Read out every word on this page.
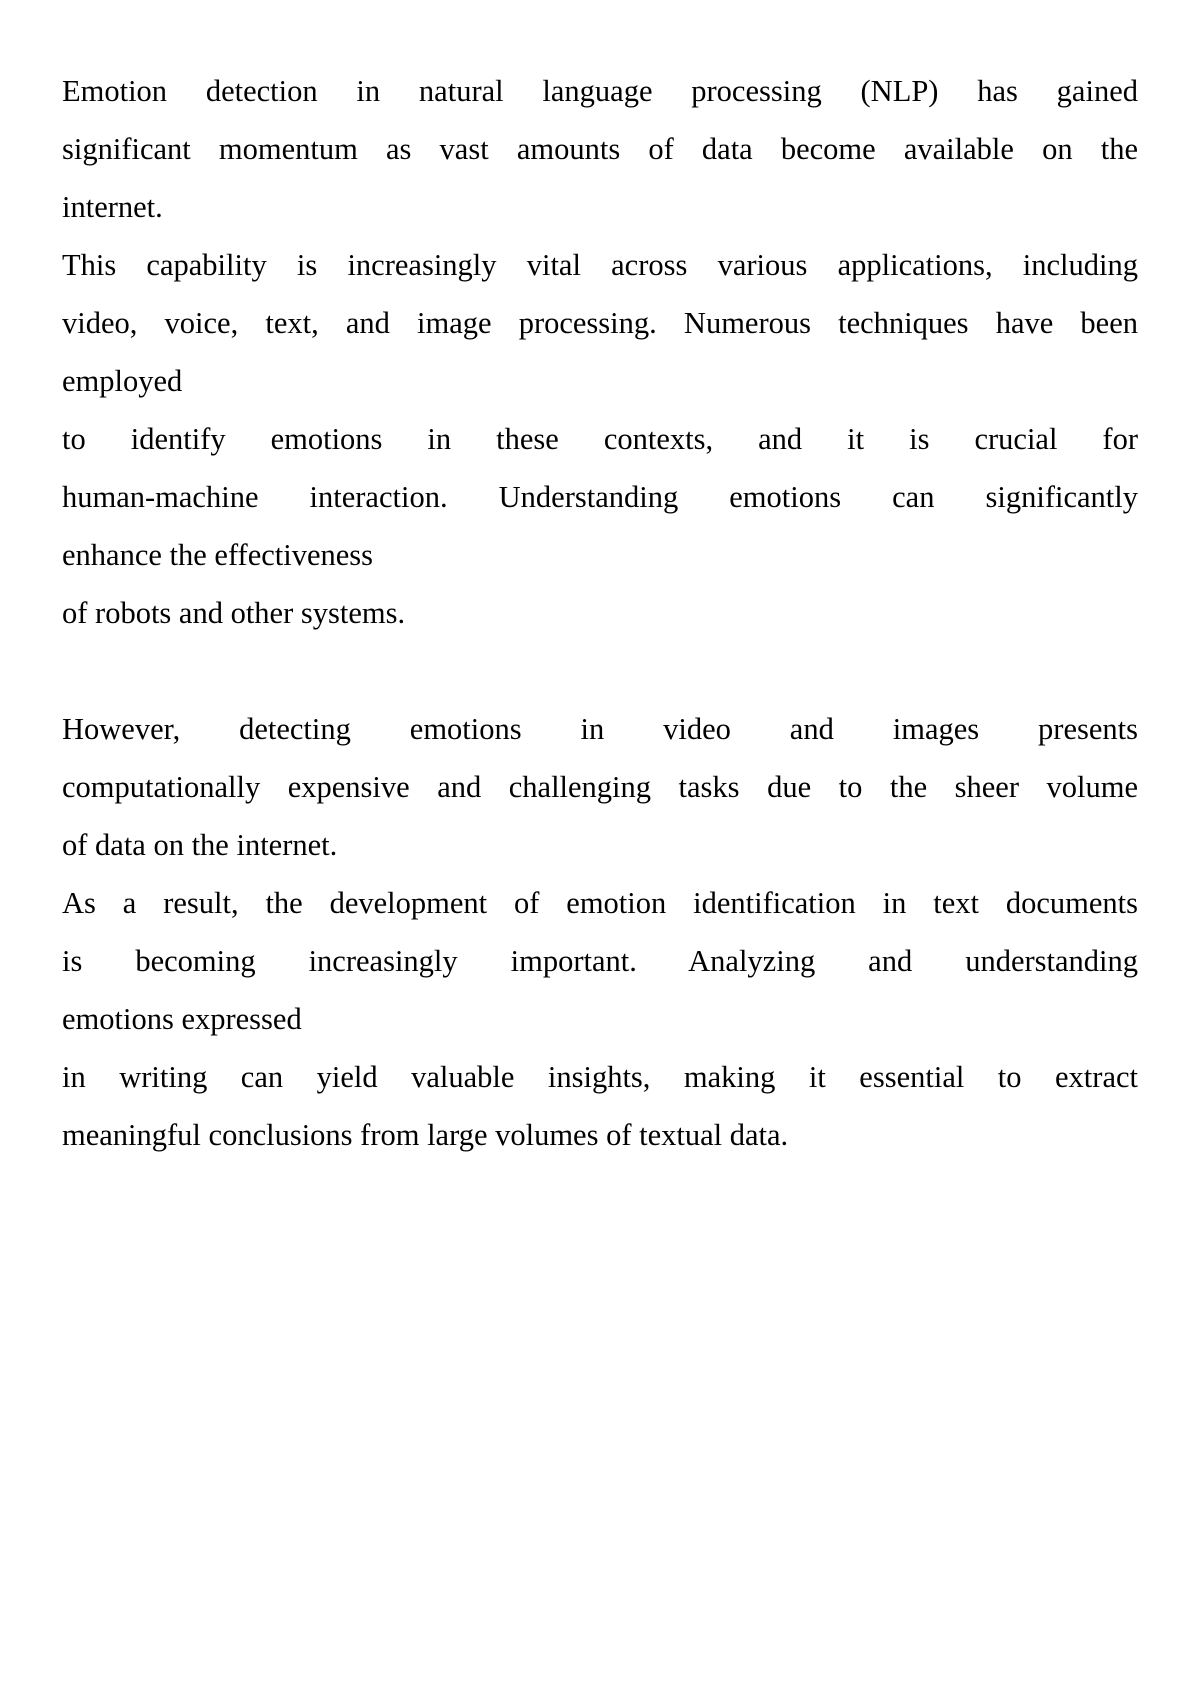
Emotion detection in natural language processing (NLP) has gained

significant momentum as vast amounts of data become available on the

internet.

This capability is increasingly vital across various applications, including

video, voice, text, and image processing. Numerous techniques have been

employed

to identify emotions in these contexts, and it is crucial for

human-machine interaction. Understanding emotions can significantly

enhance the effectiveness

of robots and other systems.

However, detecting emotions in video and images presents

computationally expensive and challenging tasks due to the sheer volume

of data on the internet.

As a result, the development of emotion identification in text documents

is becoming increasingly important. Analyzing and understanding

emotions expressed

in writing can yield valuable insights, making it essential to extract

meaningful conclusions from large volumes of textual data.
